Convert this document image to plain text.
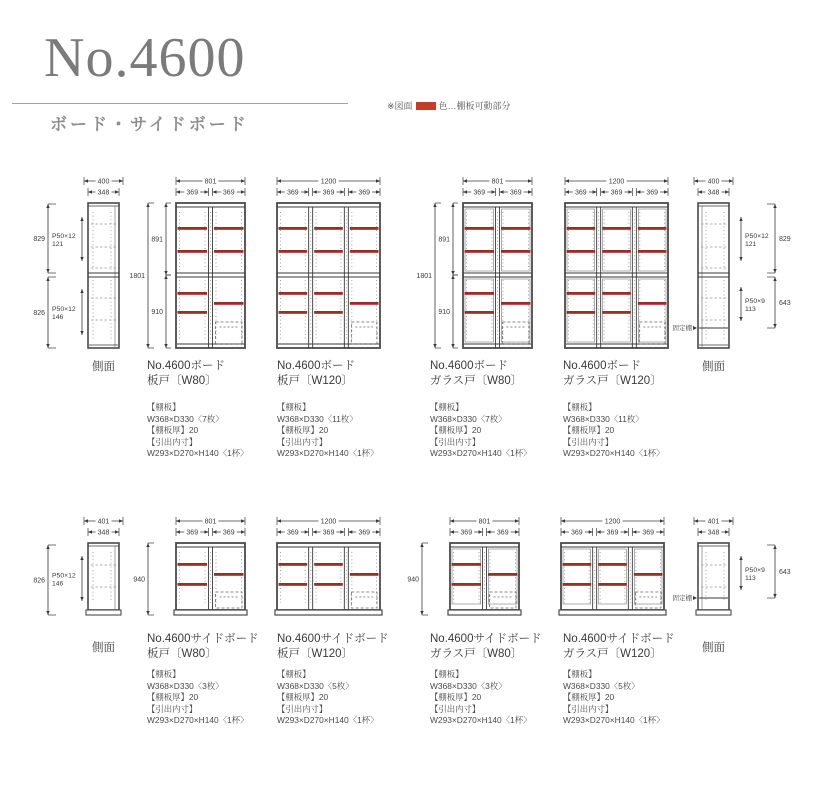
No.4600
ボード・サイドボード
※図面	色…棚板可動部分
400
348
829 P50×12
121
826
P50×12
146
400
348
固定棚
829
P50×12
121
643
P50×9
113
801
369	369
1801
891
910
1200
369	369	369
801
369	369
1801
891
910
1200
369	369	369
401
348
826
P50×12
146
401
348
固定棚
643
P50×9
113
801
369	369
940
1200
369	369	369
801
369	369
940
1200
369	369	369
側面	側面
No.4600ボード
板戸〔W80〕
【棚板】
W368×D330〈7枚〉
【棚板厚】20
【引出内寸】
W293×D270×H140〈1杯〉
No.4600ボード
板戸〔W120〕
【棚板】
W368×D330〈11枚〉
【棚板厚】20
【引出内寸】
W293×D270×H140〈1杯〉
No.4600ボード
ガラス戸〔W80〕
【棚板】
W368×D330〈7枚〉
【棚板厚】20
【引出内寸】
W293×D270×H140〈1杯〉
No.4600ボード
ガラス戸〔W120〕
【棚板】
W368×D330〈11枚〉
【棚板厚】20
【引出内寸】
W293×D270×H140〈1杯〉
側面	側面
No.4600サイドボード
板戸〔W80〕
【棚板】
W368×D330〈3枚〉
【棚板厚】20
【引出内寸】
W293×D270×H140〈1杯〉
No.4600サイドボード
板戸〔W120〕
【棚板】
W368×D330〈5枚〉
【棚板厚】20
【引出内寸】
W293×D270×H140〈1杯〉
No.4600サイドボード
ガラス戸〔W80〕
【棚板】
W368×D330〈3枚〉
【棚板厚】20
【引出内寸】
W293×D270×H140〈1杯〉
No.4600サイドボード
ガラス戸〔W120〕
【棚板】
W368×D330〈5枚〉
【棚板厚】20
【引出内寸】
W293×D270×H140〈1杯〉
